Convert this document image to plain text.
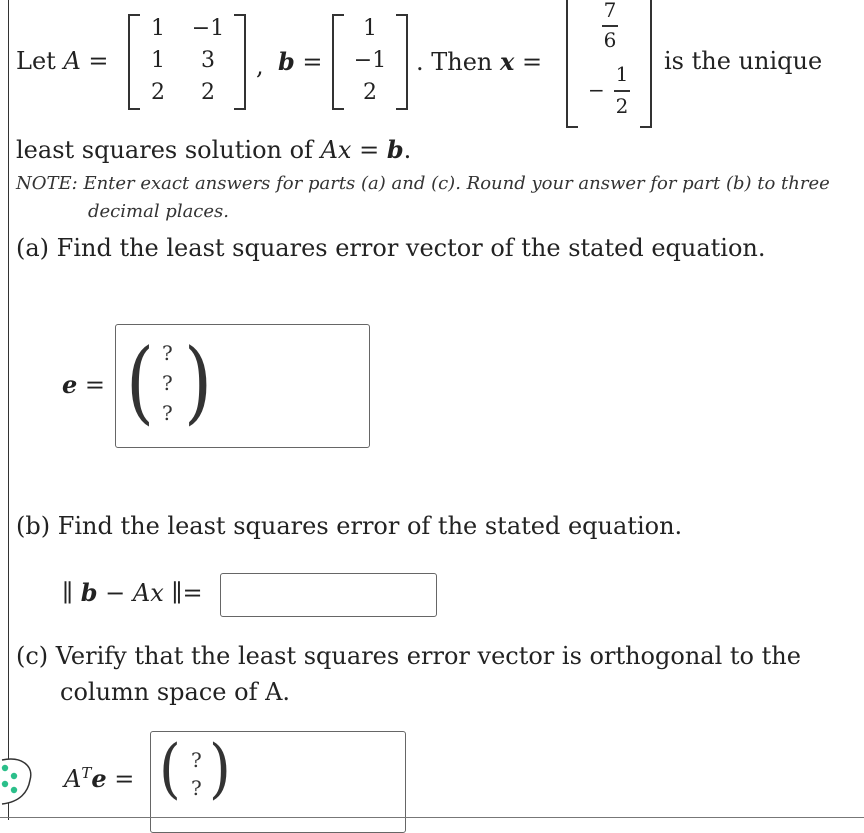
Let A =
1	−1
1	3
2	2
, b =
1
−1
2
. Then x =
7
6
−
1
2
is the unique
least squares solution of Ax = b.
NOTE: Enter exact answers for parts (a) and (c). Round your answer for part (b) to three
decimal places.
(a) Find the least squares error vector of the stated equation.
e = ( )
?
?
?
(b) Find the least squares error of the stated equation.
∥ b − Ax ∥=
(c) Verify that the least squares error vector is orthogonal to the
column space of A.
$A^Te$ = ( )
?
?
